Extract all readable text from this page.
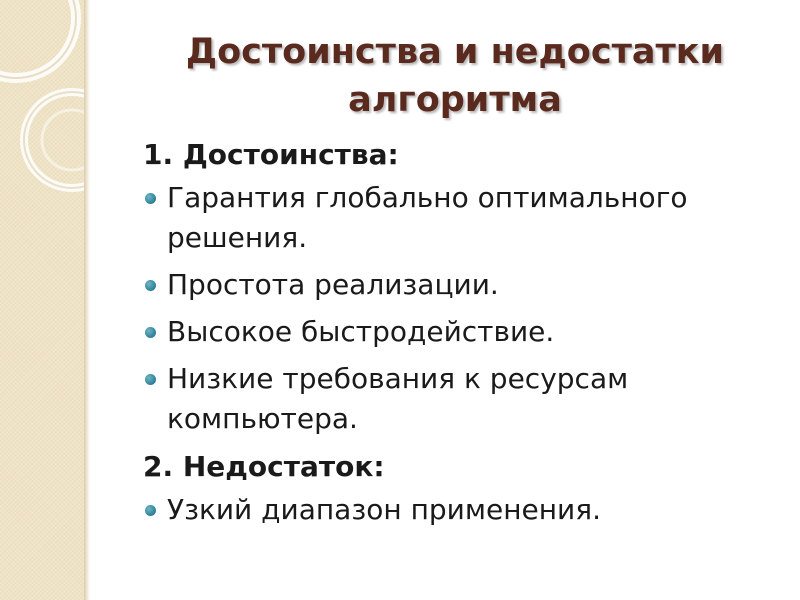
Достоинства и недостатки
алгоритма
1. Достоинства:
Гарантия глобально оптимального решения.
Простота реализации.
Высокое быстродействие.
Низкие требования к ресурсам компьютера.
2. Недостаток:
Узкий диапазон применения.
